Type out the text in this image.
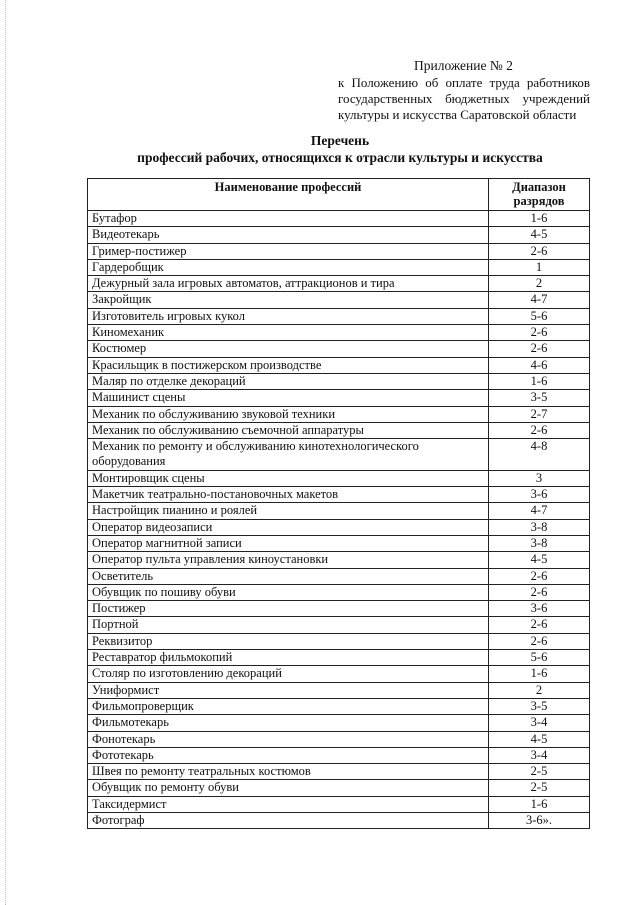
Приложение № 2
к Положению об оплате труда работников
государственных бюджетных учреждений
культуры и искусства Саратовской области
Перечень
профессий рабочих, относящихся к отрасли культуры и искусства
Наименование профессий	Диапазон разрядов
Бутафор	1-6
Видеотекарь	4-5
Гример-постижер	2-6
Гардеробщик	1
Дежурный зала игровых автоматов, аттракционов и тира	2
Закройщик	4-7
Изготовитель игровых кукол	5-6
Киномеханик	2-6
Костюмер	2-6
Красильщик в постижерском производстве	4-6
Маляр по отделке декораций	1-6
Машинист сцены	3-5
Механик по обслуживанию звуковой техники	2-7
Механик по обслуживанию съемочной аппаратуры	2-6
Механик по ремонту и обслуживанию кинотехнологического оборудования	4-8
Монтировщик сцены	3
Макетчик театрально-постановочных макетов	3-6
Настройщик пианино и роялей	4-7
Оператор видеозаписи	3-8
Оператор магнитной записи	3-8
Оператор пульта управления киноустановки	4-5
Осветитель	2-6
Обувщик по пошиву обуви	2-6
Постижер	3-6
Портной	2-6
Реквизитор	2-6
Реставратор фильмокопий	5-6
Столяр по изготовлению декораций	1-6
Униформист	2
Фильмопроверщик	3-5
Фильмотекарь	3-4
Фонотекарь	4-5
Фототекарь	3-4
Швея по ремонту театральных костюмов	2-5
Обувщик по ремонту обуви	2-5
Таксидермист	1-6
Фотограф	3-6».
